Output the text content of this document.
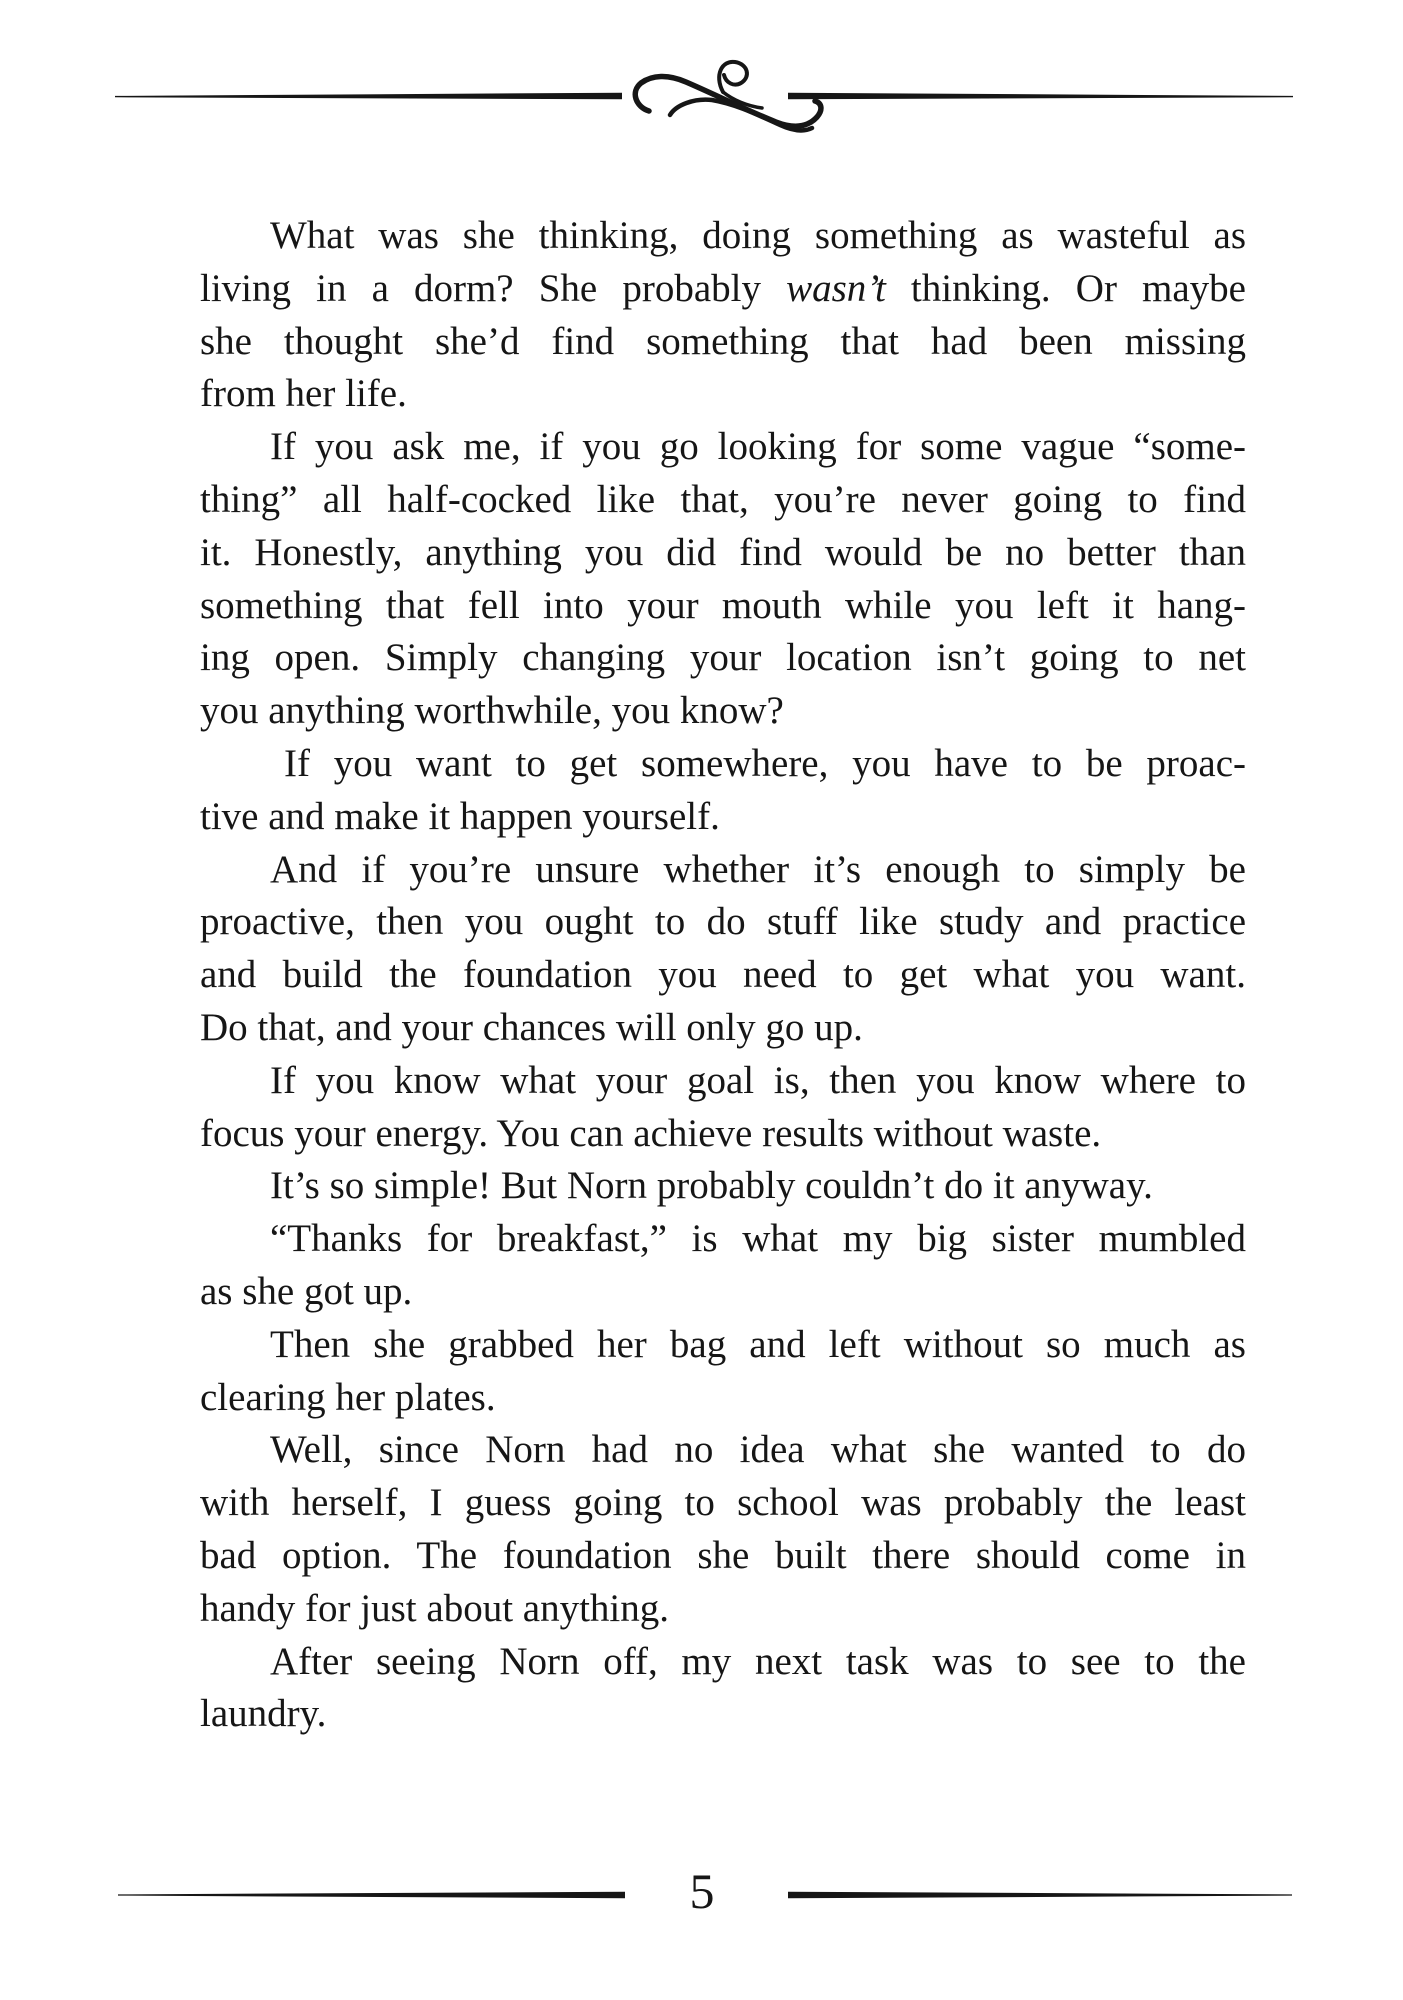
What was she thinking, doing something as wasteful as
living in a dorm? She probably wasn’t thinking. Or maybe
she thought she’d find something that had been missing
from her life.

If you ask me, if you go looking for some vague “some-
thing” all half-cocked like that, you’re never going to find
it. Honestly, anything you did find would be no better than
something that fell into your mouth while you left it hang-
ing open. Simply changing your location isn’t going to net
you anything worthwhile, you know?

If you want to get somewhere, you have to be proac-
tive and make it happen yourself.

And if you’re unsure whether it’s enough to simply be
proactive, then you ought to do stuff like study and practice
and build the foundation you need to get what you want.
Do that, and your chances will only go up.

If you know what your goal is, then you know where to
focus your energy. You can achieve results without waste.

It’s so simple! But Norn probably couldn’t do it anyway.

“Thanks for breakfast,” is what my big sister mumbled
as she got up.

Then she grabbed her bag and left without so much as
clearing her plates.

Well, since Norn had no idea what she wanted to do
with herself, I guess going to school was probably the least
bad option. The foundation she built there should come in
handy for just about anything.

After seeing Norn off, my next task was to see to the
laundry.

5
